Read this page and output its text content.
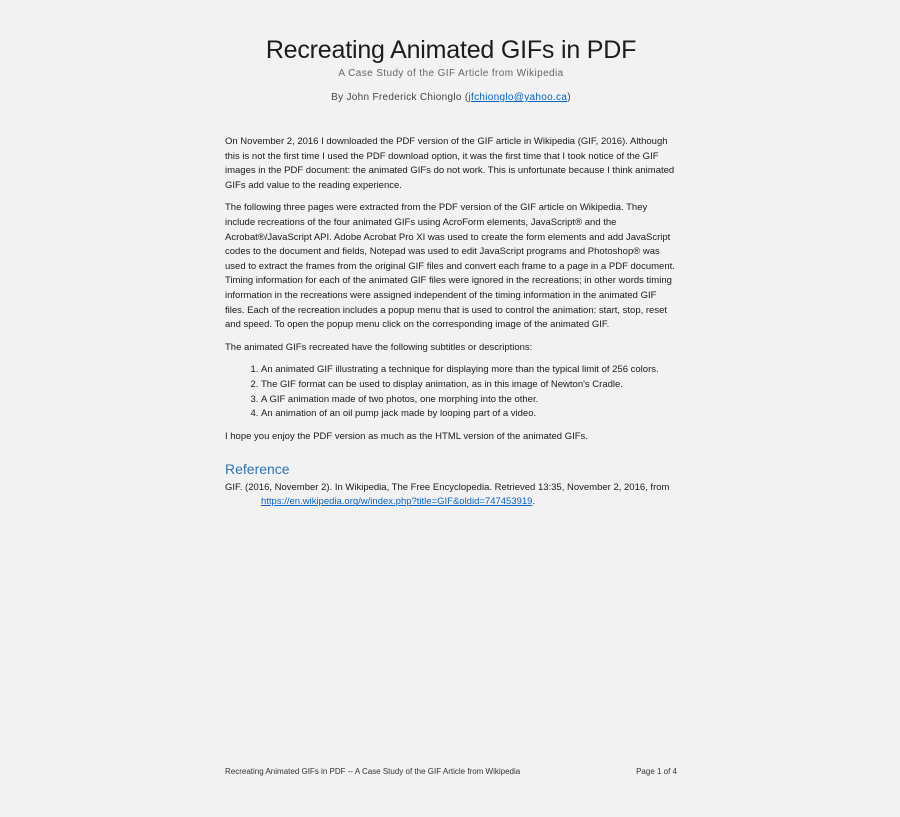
Recreating Animated GIFs in PDF
A Case Study of the GIF Article from Wikipedia
By John Frederick Chionglo (jfchionglo@yahoo.ca)

On November 2, 2016 I downloaded the PDF version of the GIF article in Wikipedia (GIF, 2016). Although this is not the first time I used the PDF download option, it was the first time that I took notice of the GIF images in the PDF document: the animated GIFs do not work. This is unfortunate because I think animated GIFs add value to the reading experience.

The following three pages were extracted from the PDF version of the GIF article on Wikipedia. They include recreations of the four animated GIFs using AcroForm elements, JavaScript® and the Acrobat®/JavaScript API. Adobe Acrobat Pro XI was used to create the form elements and add JavaScript codes to the document and fields, Notepad was used to edit JavaScript programs and Photoshop® was used to extract the frames from the original GIF files and convert each frame to a page in a PDF document. Timing information for each of the animated GIF files were ignored in the recreations; in other words timing information in the recreations were assigned independent of the timing information in the animated GIF files. Each of the recreation includes a popup menu that is used to control the animation: start, stop, reset and speed. To open the popup menu click on the corresponding image of the animated GIF.

The animated GIFs recreated have the following subtitles or descriptions:

1. An animated GIF illustrating a technique for displaying more than the typical limit of 256 colors.
2. The GIF format can be used to display animation, as in this image of Newton's Cradle.
3. A GIF animation made of two photos, one morphing into the other.
4. An animation of an oil pump jack made by looping part of a video.

I hope you enjoy the PDF version as much as the HTML version of the animated GIFs.

Reference
GIF. (2016, November 2). In Wikipedia, The Free Encyclopedia. Retrieved 13:35, November 2, 2016, from https://en.wikipedia.org/w/index.php?title=GIF&oldid=747453919.
Recreating Animated GIFs in PDF -- A Case Study of the GIF Article from Wikipedia	Page 1 of 4
